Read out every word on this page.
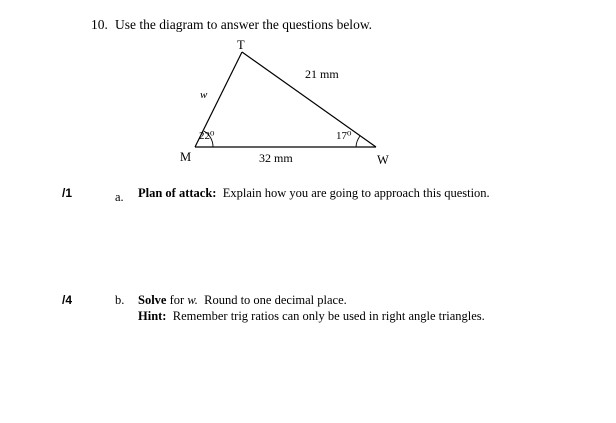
10. Use the diagram to answer the questions below.
T
M	W
21 mm
32 mm
w
22⁰	17⁰
/1	a. Plan of attack: Explain how you are going to approach this question.
/4	b. Solve for w. Round to one decimal place.
Hint: Remember trig ratios can only be used in right angle triangles.
